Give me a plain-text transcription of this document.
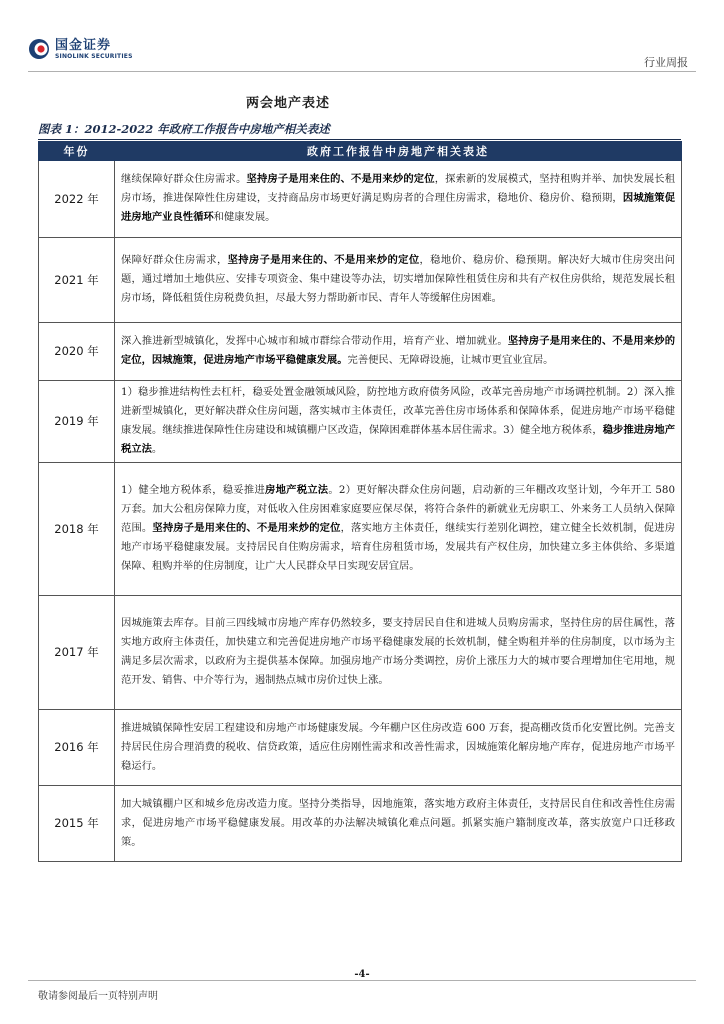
国金证券
SINOLINK SECURITIES	行业周报
两会地产表述
图表 1：2012-2022 年政府工作报告中房地产相关表述
年份	政府工作报告中房地产相关表述
2022 年	继续保障好群众住房需求。坚持房子是用来住的、不是用来炒的定位，探索新的发展模式，坚持租购并举、加快发展长租房市场，推进保障性住房建设，支持商品房市场更好满足购房者的合理住房需求，稳地价、稳房价、稳预期，因城施策促进房地产业良性循环和健康发展。
2021 年	保障好群众住房需求，坚持房子是用来住的、不是用来炒的定位，稳地价、稳房价、稳预期。解决好大城市住房突出问题，通过增加土地供应、安排专项资金、集中建设等办法，切实增加保障性租赁住房和共有产权住房供给，规范发展长租房市场，降低租赁住房税费负担，尽最大努力帮助新市民、青年人等缓解住房困难。
2020 年	深入推进新型城镇化，发挥中心城市和城市群综合带动作用，培育产业、增加就业。坚持房子是用来住的、不是用来炒的定位，因城施策，促进房地产市场平稳健康发展。完善便民、无障碍设施，让城市更宜业宜居。
2019 年	1）稳步推进结构性去杠杆，稳妥处置金融领域风险，防控地方政府债务风险，改革完善房地产市场调控机制。2）深入推进新型城镇化，更好解决群众住房问题，落实城市主体责任，改革完善住房市场体系和保障体系，促进房地产市场平稳健康发展。继续推进保障性住房建设和城镇棚户区改造，保障困难群体基本居住需求。3）健全地方税体系，稳步推进房地产税立法。
2018 年	1）健全地方税体系，稳妥推进房地产税立法。2）更好解决群众住房问题，启动新的三年棚改攻坚计划，今年开工 580 万套。加大公租房保障力度，对低收入住房困难家庭要应保尽保，将符合条件的新就业无房职工、外来务工人员纳入保障范围。坚持房子是用来住的、不是用来炒的定位，落实地方主体责任，继续实行差别化调控，建立健全长效机制，促进房地产市场平稳健康发展。支持居民自住购房需求，培育住房租赁市场，发展共有产权住房，加快建立多主体供给、多渠道保障、租购并举的住房制度，让广大人民群众早日实现安居宜居。
2017 年	因城施策去库存。目前三四线城市房地产库存仍然较多，要支持居民自住和进城人员购房需求，坚持住房的居住属性，落实地方政府主体责任，加快建立和完善促进房地产市场平稳健康发展的长效机制，健全购租并举的住房制度，以市场为主满足多层次需求，以政府为主提供基本保障。加强房地产市场分类调控，房价上涨压力大的城市要合理增加住宅用地，规范开发、销售、中介等行为，遏制热点城市房价过快上涨。
2016 年	推进城镇保障性安居工程建设和房地产市场健康发展。今年棚户区住房改造 600 万套，提高棚改货币化安置比例。完善支持居民住房合理消费的税收、信贷政策，适应住房刚性需求和改善性需求，因城施策化解房地产库存，促进房地产市场平稳运行。
2015 年	加大城镇棚户区和城乡危房改造力度。坚持分类指导，因地施策，落实地方政府主体责任，支持居民自住和改善性住房需求，促进房地产市场平稳健康发展。用改革的办法解决城镇化难点问题。抓紧实施户籍制度改革，落实放宽户口迁移政策。
-4-
敬请参阅最后一页特别声明
